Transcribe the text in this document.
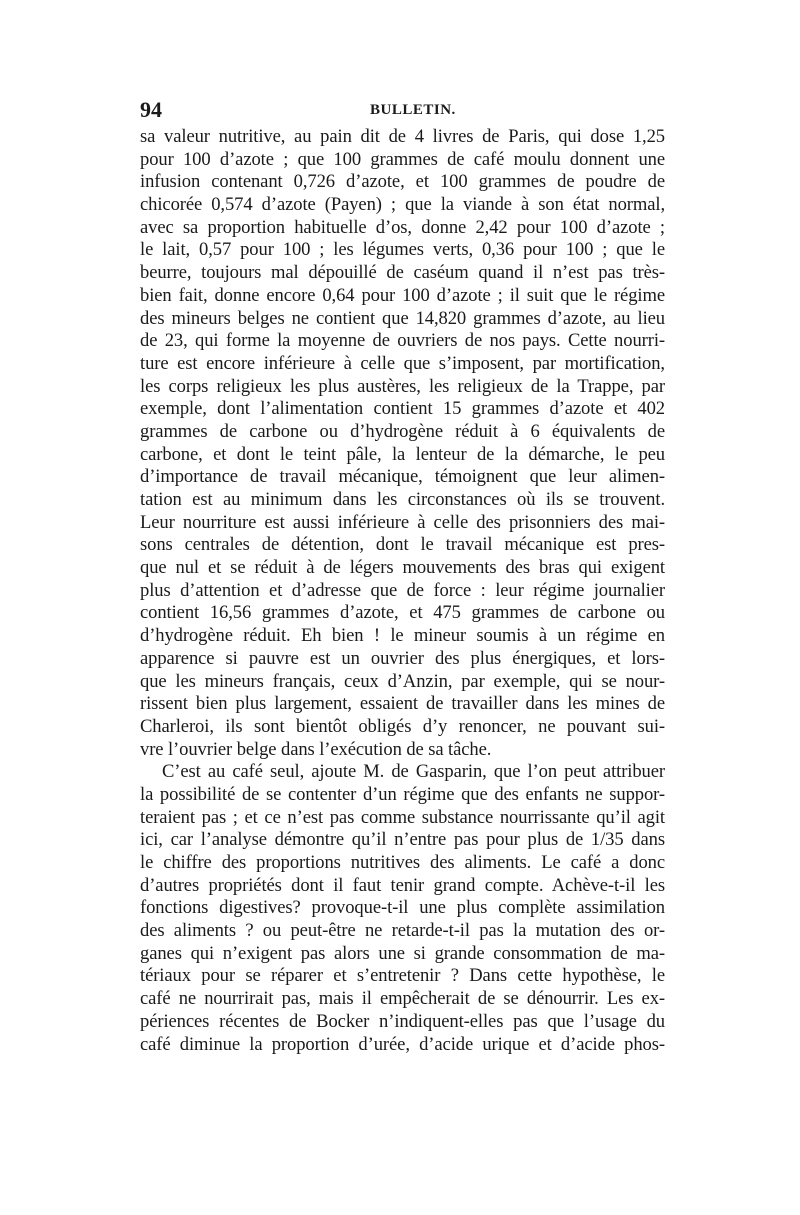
94	BULLETIN.
sa valeur nutritive, au pain dit de 4 livres de Paris, qui dose 1,25
pour 100 d’azote ; que 100 grammes de café moulu donnent une
infusion contenant 0,726 d’azote, et 100 grammes de poudre de
chicorée 0,574 d’azote (Payen) ; que la viande à son état normal,
avec sa proportion habituelle d’os, donne 2,42 pour 100 d’azote ;
le lait, 0,57 pour 100 ; les légumes verts, 0,36 pour 100 ; que le
beurre, toujours mal dépouillé de caséum quand il n’est pas très-
bien fait, donne encore 0,64 pour 100 d’azote ; il suit que le régime
des mineurs belges ne contient que 14,820 grammes d’azote, au lieu
de 23, qui forme la moyenne de ouvriers de nos pays. Cette nourri-
ture est encore inférieure à celle que s’imposent, par mortification,
les corps religieux les plus austères, les religieux de la Trappe, par
exemple, dont l’alimentation contient 15 grammes d’azote et 402
grammes de carbone ou d’hydrogène réduit à 6 équivalents de
carbone, et dont le teint pâle, la lenteur de la démarche, le peu
d’importance de travail mécanique, témoignent que leur alimen-
tation est au minimum dans les circonstances où ils se trouvent.
Leur nourriture est aussi inférieure à celle des prisonniers des mai-
sons centrales de détention, dont le travail mécanique est pres-
que nul et se réduit à de légers mouvements des bras qui exigent
plus d’attention et d’adresse que de force : leur régime journalier
contient 16,56 grammes d’azote, et 475 grammes de carbone ou
d’hydrogène réduit. Eh bien ! le mineur soumis à un régime en
apparence si pauvre est un ouvrier des plus énergiques, et lors-
que les mineurs français, ceux d’Anzin, par exemple, qui se nour-
rissent bien plus largement, essaient de travailler dans les mines de
Charleroi, ils sont bientôt obligés d’y renoncer, ne pouvant sui-
vre l’ouvrier belge dans l’exécution de sa tâche.
C’est au café seul, ajoute M. de Gasparin, que l’on peut attribuer
la possibilité de se contenter d’un régime que des enfants ne suppor-
teraient pas ; et ce n’est pas comme substance nourrissante qu’il agit
ici, car l’analyse démontre qu’il n’entre pas pour plus de 1/35 dans
le chiffre des proportions nutritives des aliments. Le café a donc
d’autres propriétés dont il faut tenir grand compte. Achève-t-il les
fonctions digestives? provoque-t-il une plus complète assimilation
des aliments ? ou peut-être ne retarde-t-il pas la mutation des or-
ganes qui n’exigent pas alors une si grande consommation de ma-
tériaux pour se réparer et s’entretenir ? Dans cette hypothèse, le
café ne nourrirait pas, mais il empêcherait de se dénourrir. Les ex-
périences récentes de Bocker n’indiquent-elles pas que l’usage du
café diminue la proportion d’urée, d’acide urique et d’acide phos-
